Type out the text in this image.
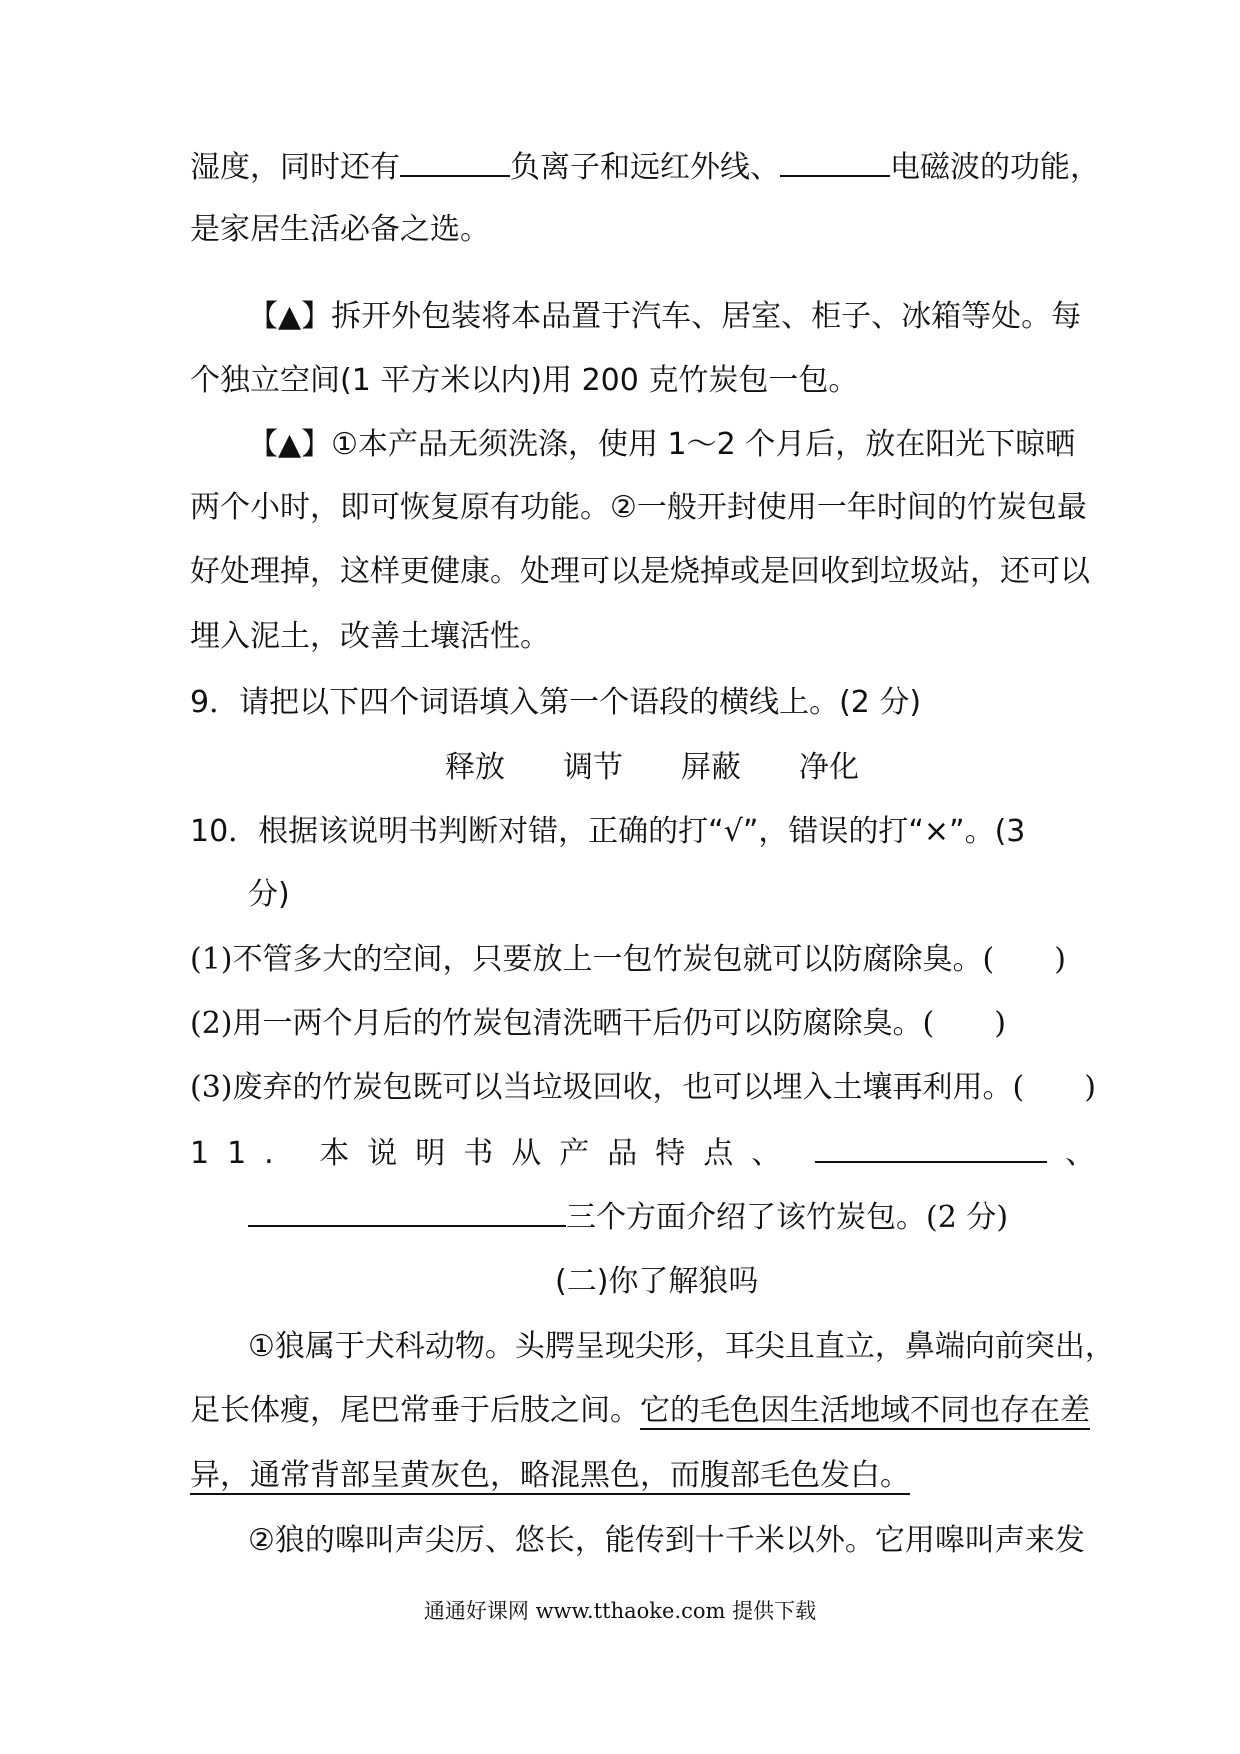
湿度，同时还有	负离子和远红外线、	电磁波的功能，
是家居生活必备之选。
【▲】拆开外包装将本品置于汽车、居室、柜子、冰箱等处。每
个独立空间(1 平方米以内)用 200 克竹炭包一包。
【▲】①本产品无须洗涤，使用 1～2 个月后，放在阳光下晾晒
两个小时，即可恢复原有功能。②一般开封使用一年时间的竹炭包最
好处理掉，这样更健康。处理可以是烧掉或是回收到垃圾站，还可以
埋入泥土，改善土壤活性。
9．请把以下四个词语填入第一个语段的横线上。(2 分)
释放 调节 屏蔽 净化
10．根据该说明书判断对错，正确的打“√”，错误的打“×”。(3
分)
(1)不管多大的空间，只要放上一包竹炭包就可以防腐除臭。(　　)
(2)用一两个月后的竹炭包清洗晒干后仍可以防腐除臭。(　　)
(3)废弃的竹炭包既可以当垃圾回收，也可以埋入土壤再利用。(　　)
11. 本说明书从产品特点、	、
三个方面介绍了该竹炭包。(2 分)
(二)你了解狼吗
①狼属于犬科动物。头腭呈现尖形，耳尖且直立，鼻端向前突出，
足长体瘦，尾巴常垂于后肢之间。它的毛色因生活地域不同也存在差
异，通常背部呈黄灰色，略混黑色，而腹部毛色发白。
②狼的嗥叫声尖厉、悠长，能传到十千米以外。它用嗥叫声来发
通通好课网 www.tthaoke.com 提供下载
